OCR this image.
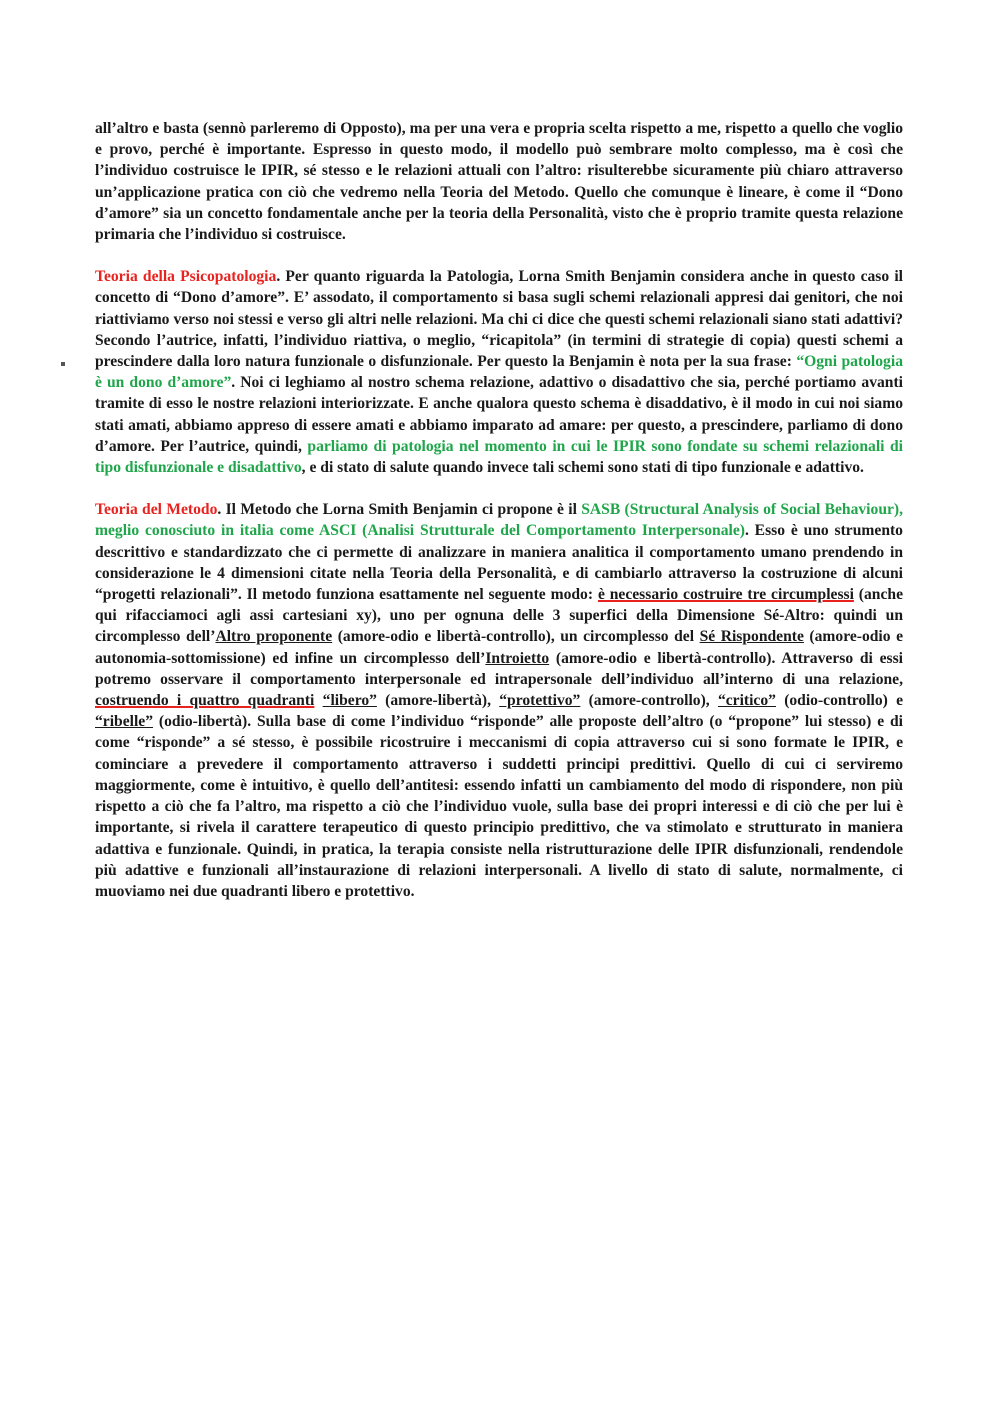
all’altro e basta (sennò parleremo di Opposto), ma per una vera e propria scelta rispetto a me, rispetto a quello che voglio e provo, perché è importante. Espresso in questo modo, il modello può sembrare molto complesso, ma è così che l’individuo costruisce le IPIR, sé stesso e le relazioni attuali con l’altro: risulterebbe sicuramente più chiaro attraverso un’applicazione pratica con ciò che vedremo nella Teoria del Metodo. Quello che comunque è lineare, è come il “Dono d’amore” sia un concetto fondamentale anche per la teoria della Personalità, visto che è proprio tramite questa relazione primaria che l’individuo si costruisce.

Teoria della Psicopatologia. Per quanto riguarda la Patologia, Lorna Smith Benjamin considera anche in questo caso il concetto di “Dono d’amore”. E’ assodato, il comportamento si basa sugli schemi relazionali appresi dai genitori, che noi riattiviamo verso noi stessi e verso gli altri nelle relazioni. Ma chi ci dice che questi schemi relazionali siano stati adattivi? Secondo l’autrice, infatti, l’individuo riattiva, o meglio, “ricapitola” (in termini di strategie di copia) questi schemi a prescindere dalla loro natura funzionale o disfunzionale. Per questo la Benjamin è nota per la sua frase: “Ogni patologia è un dono d’amore”. Noi ci leghiamo al nostro schema relazione, adattivo o disadattivo che sia, perché portiamo avanti tramite di esso le nostre relazioni interiorizzate. E anche qualora questo schema è disaddativo, è il modo in cui noi siamo stati amati, abbiamo appreso di essere amati e abbiamo imparato ad amare: per questo, a prescindere, parliamo di dono d’amore. Per l’autrice, quindi, parliamo di patologia nel momento in cui le IPIR sono fondate su schemi relazionali di tipo disfunzionale e disadattivo, e di stato di salute quando invece tali schemi sono stati di tipo funzionale e adattivo.

Teoria del Metodo. Il Metodo che Lorna Smith Benjamin ci propone è il SASB (Structural Analysis of Social Behaviour), meglio conosciuto in italia come ASCI (Analisi Strutturale del Comportamento Interpersonale). Esso è uno strumento descrittivo e standardizzato che ci permette di analizzare in maniera analitica il comportamento umano prendendo in considerazione le 4 dimensioni citate nella Teoria della Personalità, e di cambiarlo attraverso la costruzione di alcuni “progetti relazionali”. Il metodo funziona esattamente nel seguente modo: è necessario costruire tre circumplessi (anche qui rifacciamoci agli assi cartesiani xy), uno per ognuna delle 3 superfici della Dimensione Sé-Altro: quindi un circomplesso dell’Altro proponente (amore-odio e libertà-controllo), un circomplesso del Sé Rispondente (amore-odio e autonomia-sottomissione) ed infine un circomplesso dell’Introietto (amore-odio e libertà-controllo). Attraverso di essi potremo osservare il comportamento interpersonale ed intrapersonale dell’individuo all’interno di una relazione, costruendo i quattro quadranti “libero” (amore-libertà), “protettivo” (amore-controllo), “critico” (odio-controllo) e “ribelle” (odio-libertà). Sulla base di come l’individuo “risponde” alle proposte dell’altro (o “propone” lui stesso) e di come “risponde” a sé stesso, è possibile ricostruire i meccanismi di copia attraverso cui si sono formate le IPIR, e cominciare a prevedere il comportamento attraverso i suddetti principi predittivi. Quello di cui ci serviremo maggiormente, come è intuitivo, è quello dell’antitesi: essendo infatti un cambiamento del modo di rispondere, non più rispetto a ciò che fa l’altro, ma rispetto a ciò che l’individuo vuole, sulla base dei propri interessi e di ciò che per lui è importante, si rivela il carattere terapeutico di questo principio predittivo, che va stimolato e strutturato in maniera adattiva e funzionale. Quindi, in pratica, la terapia consiste nella ristrutturazione delle IPIR disfunzionali, rendendole più adattive e funzionali all’instaurazione di relazioni interpersonali. A livello di stato di salute, normalmente, ci muoviamo nei due quadranti libero e protettivo.
